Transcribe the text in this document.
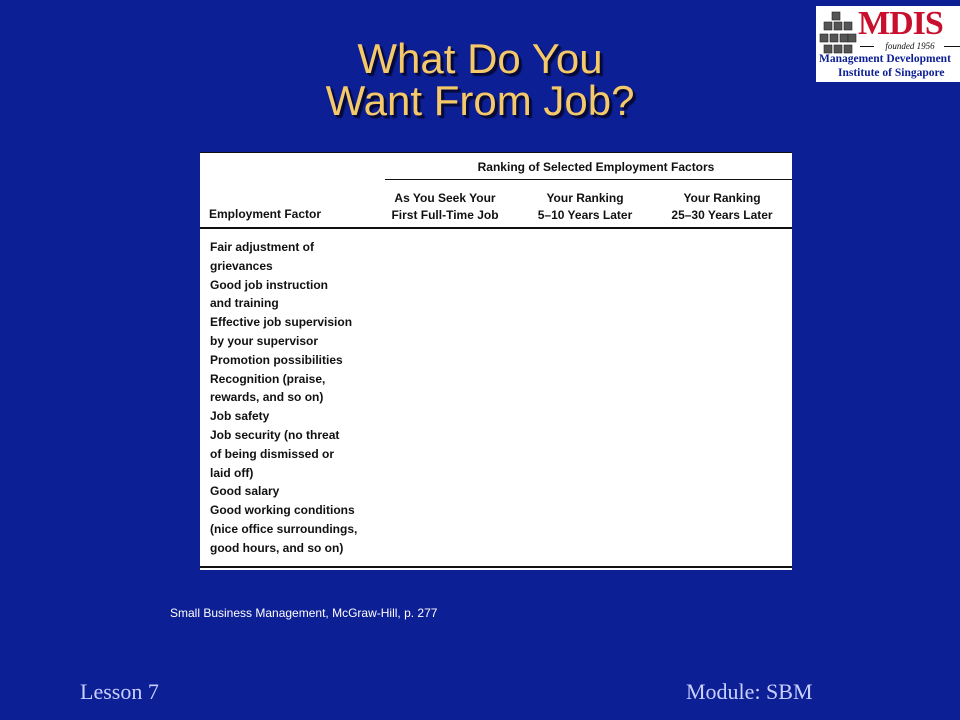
What Do You
Want From Job?
MDIS
founded 1956
Management Development
Institute of Singapore
Ranking of Selected Employment Factors
As You Seek Your
First Full-Time Job
Your Ranking
5–10 Years Later
Your Ranking
25–30 Years Later
Employment Factor
Fair adjustment of
grievances
Good job instruction
and training
Effective job supervision
by your supervisor
Promotion possibilities
Recognition (praise,
rewards, and so on)
Job safety
Job security (no threat
of being dismissed or
laid off)
Good salary
Good working conditions
(nice office surroundings,
good hours, and so on)
Small Business Management, McGraw-Hill, p. 277
Lesson 7	Module: SBM
